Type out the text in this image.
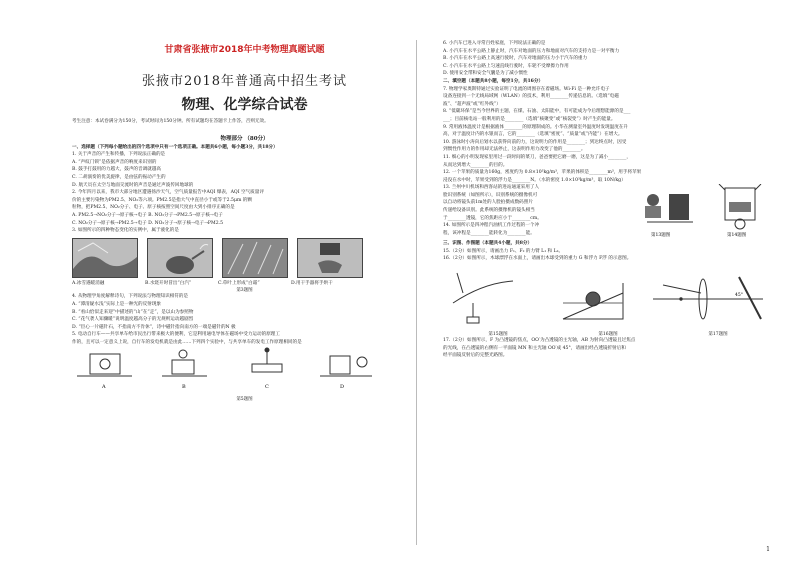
甘肃省张掖市2018年中考物理真题试题
张掖市2018年普通高中招生考试
物理、化学综合试卷
考生注意：本试卷满分为150分，考试时间为150分钟。所有试题均在答题卡上作答，否则无效。
物理部分 （80分）
一、选择题（下列每小题给出的四个选项中只有一个选项正确。本题共6小题，每小题3分，共18分）
1. 关于声音的产生和传播，下列说法正确的是
A. “声纹门锁”是依据声音的响度来识别的
B. 鼓手打鼓用的力越大，鼓声的音调就越高
C. 二胡演奏的优美旋律，是由弦的振动产生的
D. 航天员在太空与地面交流时的声音是通过声波传回地球的
2. 今年四月以来，我市大部分地区遭遇扬沙天气，空气质量报告中AQI 爆表，AQI 空气质量评
价的主要污染物为PM2.5、NO₂等六项。PM2.5是指大气中直径小于或等于2.5μm 的颗
粒物，把PM2.5、NO₂分子、电子、原子核按照空间尺度由大到小排序正确的是
A. PM2.5→NO₂分子→原子核→电子 B. NO₂分子→PM2.5→原子核→电子
C. NO₂分子→原子核→PM2.5→电子 D. NO₂分子→原子核→电子→PM2.5
3. 如图所示的四种物态变化的实例中，属于液化的是
A.冰雪遇暖消融	B.水烧开时冒出“白汽”	C.草叶上形成“白霜”	D.用干手器将手烘干
第3题图
4. 从物理学角度解释诗句，下列说法与物理知识相符的是
A. “潭清疑水浅”实际上是一种光的反射现象
B. “看山恰似走来迎”中描述的“山”在“走”，是以山为参照物
C. “花气袭人知骤暖”说明温度越高分子的无规则运动越剧烈
D. “臣心一片磁针石，不指南方不肯休”，诗中磁针指向南方的一端是磁针的N 极
5. 电动自行车——共享单车给市民出行带来极大的便利，它是利用通电导体在磁场中受力运动的原理工
作的，且可以一定意义上说，自行车的发电机就是由此……下列四个实验中，与共享单车的发电工作原理相同的是
A	B	C	D
第5题图
6. 小汽车已进入寻常百姓家庭，下列说法正确的是
A. 小汽车在水平公路上静止时，汽车对地面的压力和地面对汽车的支持力是一对平衡力
B. 小汽车在水平公路上高速行驶时，汽车对地面的压力小于汽车的重力
C. 小汽车在水平公路上匀速直线行驶时，车轮不受摩擦力作用
D. 使用安全带和安全气囊是为了减小惯性
二、填空题（本题共8小题，每空1分，共16分）
7. 物理学家奥斯特通过实验证明了电流的周围存在着磁场。Wi-Fi 是一种允许电子
设备连接到一个无线局域网（WLAN）的技术，利用________传递信息的。（选填“电磁
波”、“超声波”或“红外线”）
8. “低碳环保”是当今世界的主题，在煤、石油、太阳能中，有可能成为今后理想能源的是___
___；目前核电站一般利用的是________（选填“核聚变”或“核裂变”）时产生的能量。
9. 常用液体温度计是根据液体________的原理制成的。小华在测量室外温度时发现温度在升
高，对于温度计内的水银而言，它的________（选填“密度”、“质量”或“内能”）在增大。
10. 游泳时小涛向后划水以获得向前的力，这说明力的作用是________；到达终点时，因受
到惯性作用力的作用却无法停止，这表明作用力改变了他的________。
11. 细心的小明发现家里用过一段时间的菜刀，爸爸要把它磨一磨，这是为了减小________，
从而达到增大________的目的。
12. 一个苹果的质量为160g，密度约为 0.8×10³kg/m³，苹果的体积是________m³，用手将苹果
浸没在水中时，苹果受到的浮力是________N。（水的密度 1.0×10³kg/m³，取 10N/kg）
13. 兰州中川机场和西客站的进站通道采用了人
脸识别系统（如图所示），识别系统的摄像机可
以自动将镜头前1m处的人脸拍摄成数码照片
传递给设备识别。此系统的摄像机的镜头相当
于________透镜，它的焦距应小于________cm。
14. 如图所示是四冲程汽油机工作过程的一个冲
程，该冲程是________能转化为________能。	第13题图	第14题图
三、识图、作图题（本题共4小题，共8分）
15.（2分）如图所示，请画出力 F₁、F₂ 的力臂 L₁ 和 L₂。
16.（2分）如图所示，木球漂浮在水面上，请画出木球受到的重力 G 和浮力 F浮 的示意图。
45°
第15题图	第16题图	第17题图
17.（2分）如图所示，F 为凸透镜的焦点，OO′为凸透镜的主光轴，AB 为射向凸透镜且过焦点
的光线，在凸透镜的右侧有一平面镜 MN 和主光轴 OO′成 45°，请画出经凸透镜折射后和
经平面镜反射后的完整光路图。
1
